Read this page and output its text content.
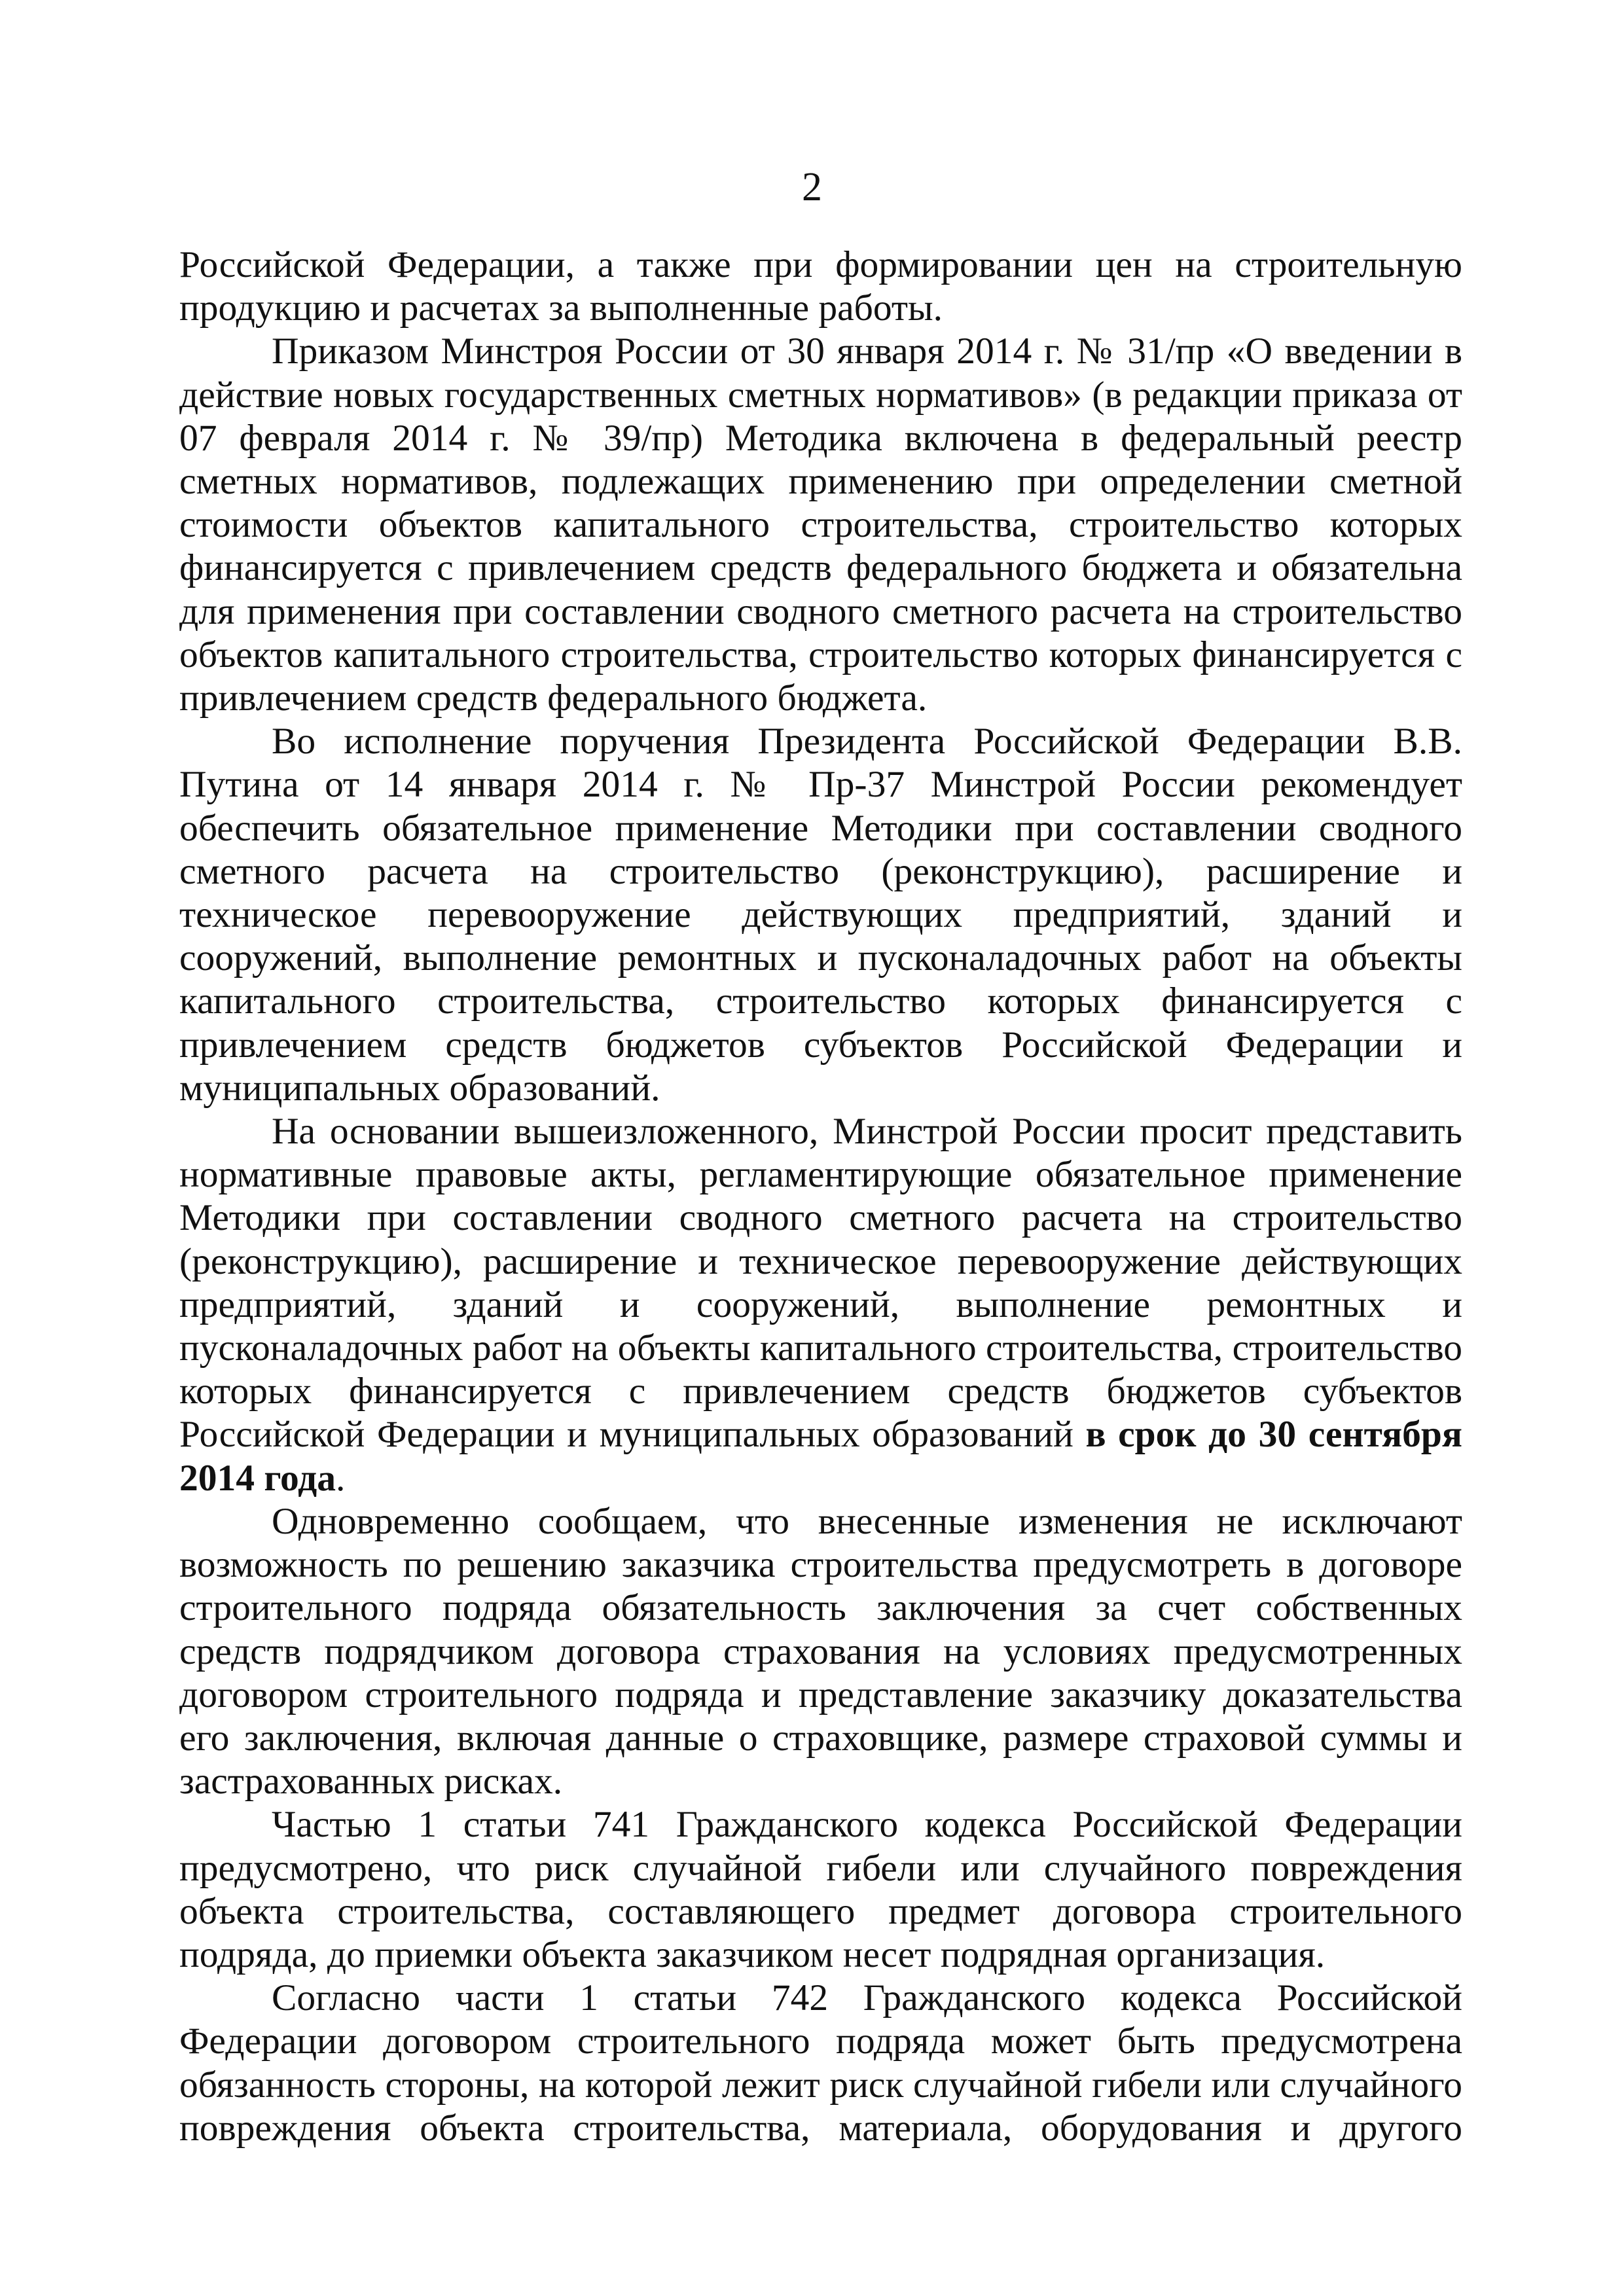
2

Российской Федерации, а также при формировании цен на строительную продукцию и расчетах за выполненные работы.

Приказом Минстроя России от 30 января 2014 г. № 31/пр «О введении в действие новых государственных сметных нормативов» (в редакции приказа от 07 февраля 2014 г. № 39/пр) Методика включена в федеральный реестр сметных нормативов, подлежащих применению при определении сметной стоимости объектов капитального строительства, строительство которых финансируется с привлечением средств федерального бюджета и обязательна для применения при составлении сводного сметного расчета на строительство объектов капитального строительства, строительство которых финансируется с привлечением средств федерального бюджета.

Во исполнение поручения Президента Российской Федерации В.В. Путина от 14 января 2014 г. № Пр-37 Минстрой России рекомендует обеспечить обязательное применение Методики при составлении сводного сметного расчета на строительство (реконструкцию), расширение и техническое перевооружение действующих предприятий, зданий и сооружений, выполнение ремонтных и пусконаладочных работ на объекты капитального строительства, строительство которых финансируется с привлечением средств бюджетов субъектов Российской Федерации и муниципальных образований.

На основании вышеизложенного, Минстрой России просит представить нормативные правовые акты, регламентирующие обязательное применение Методики при составлении сводного сметного расчета на строительство (реконструкцию), расширение и техническое перевооружение действующих предприятий, зданий и сооружений, выполнение ремонтных и пусконаладочных работ на объекты капитального строительства, строительство которых финансируется с привлечением средств бюджетов субъектов Российской Федерации и муниципальных образований в срок до 30 сентября 2014 года.

Одновременно сообщаем, что внесенные изменения не исключают возможность по решению заказчика строительства предусмотреть в договоре строительного подряда обязательность заключения за счет собственных средств подрядчиком договора страхования на условиях предусмотренных договором строительного подряда и представление заказчику доказательства его заключения, включая данные о страховщике, размере страховой суммы и застрахованных рисках.

Частью 1 статьи 741 Гражданского кодекса Российской Федерации предусмотрено, что риск случайной гибели или случайного повреждения объекта строительства, составляющего предмет договора строительного подряда, до приемки объекта заказчиком несет подрядная организация.

Согласно части 1 статьи 742 Гражданского кодекса Российской Федерации договором строительного подряда может быть предусмотрена обязанность стороны, на которой лежит риск случайной гибели или случайного повреждения объекта строительства, материала, оборудования и другого
